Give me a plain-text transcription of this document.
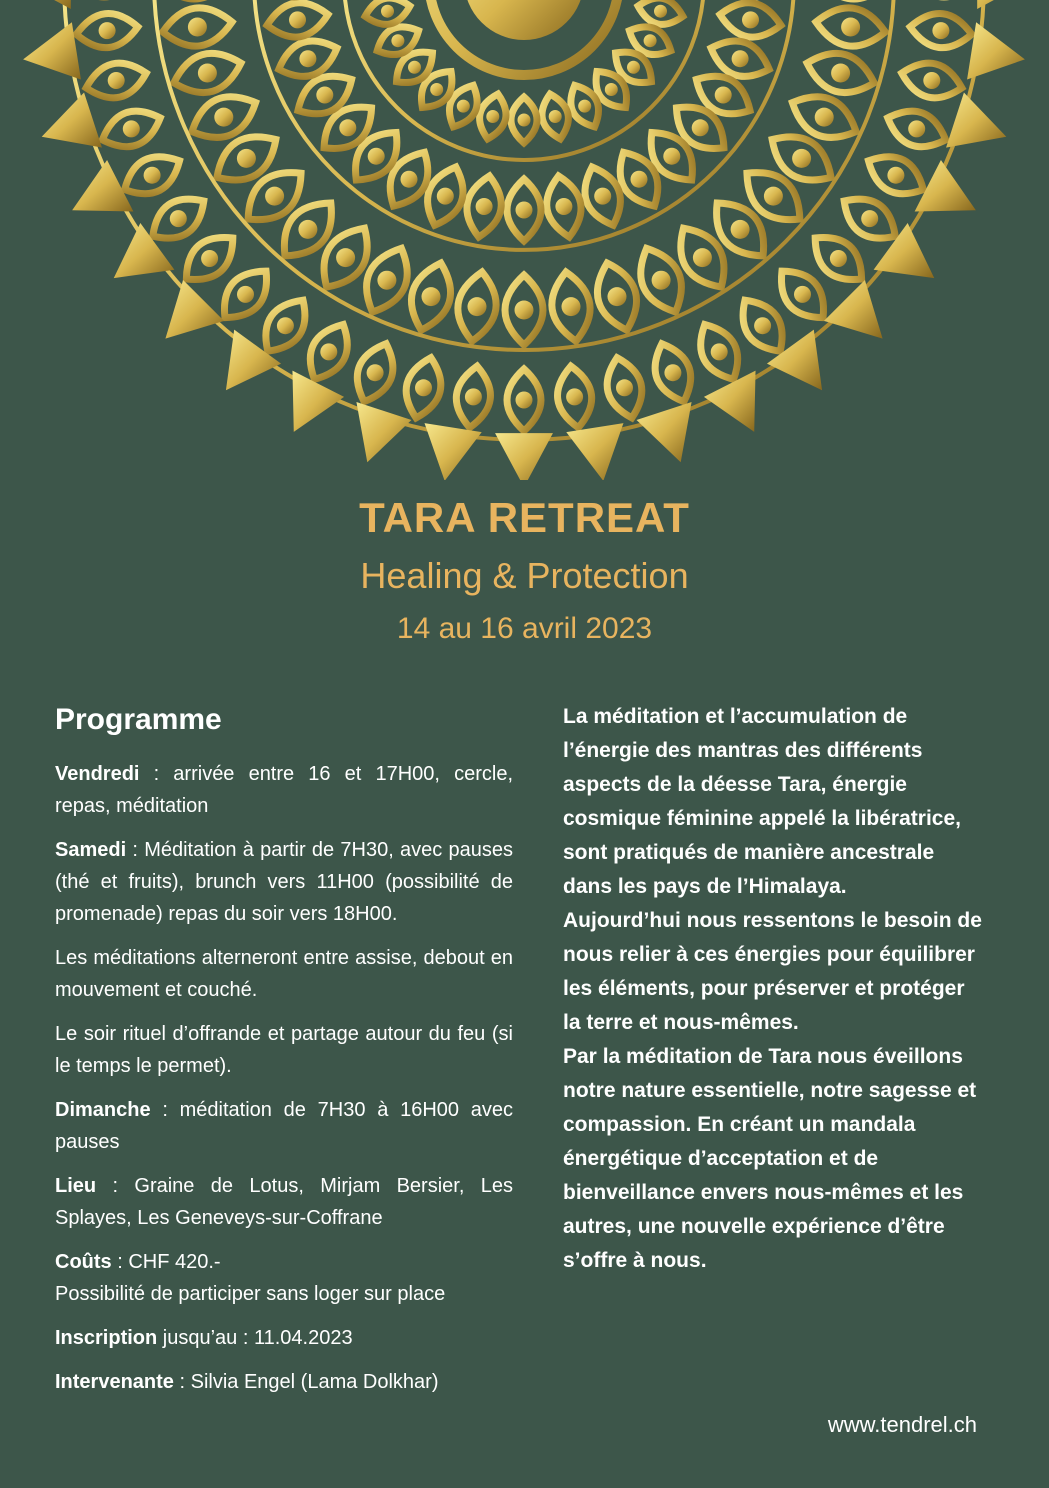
TARA RETREAT
Healing & Protection
14 au 16 avril 2023
Programme

Vendredi : arrivée entre 16 et 17H00, cercle, repas, méditation

Samedi : Méditation à partir de 7H30, avec pauses (thé et fruits), brunch vers 11H00 (possibilité de promenade) repas du soir vers 18H00.

Les méditations alterneront entre assise, debout en mouvement et couché.

Le soir rituel d’offrande et partage autour du feu (si le temps le permet).

Dimanche : méditation de 7H30 à 16H00 avec pauses

Lieu : Graine de Lotus, Mirjam Bersier, Les Splayes, Les Geneveys-sur-Coffrane

Coûts : CHF 420.-
Possibilité de participer sans loger sur place

Inscription jusqu’au : 11.04.2023

Intervenante : Silvia Engel (Lama Dolkhar)

La méditation et l’accumulation de l’énergie des mantras des différents aspects de la déesse Tara, énergie cosmique féminine appelé la libératrice, sont pratiqués de manière ancestrale dans les pays de l’Himalaya.

Aujourd’hui nous ressentons le besoin de nous relier à ces énergies pour équilibrer les éléments, pour préserver et protéger la terre et nous-mêmes.

Par la méditation de Tara nous éveillons notre nature essentielle, notre sagesse et compassion. En créant un mandala énergétique d’acceptation et de bienveillance envers nous-mêmes et les autres, une nouvelle expérience d’être s’offre à nous.

www.tendrel.ch
